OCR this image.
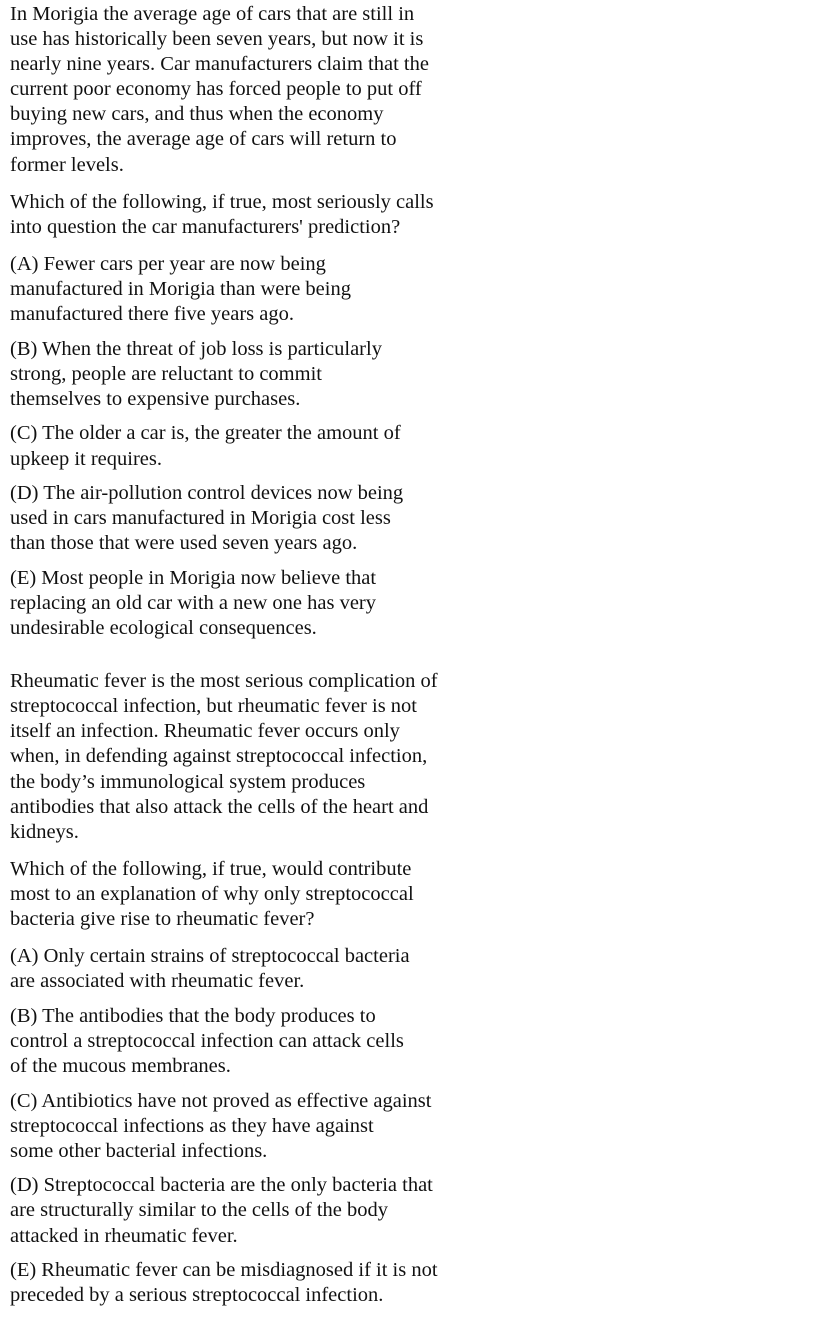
In Morigia the average age of cars that are still in
use has historically been seven years, but now it is
nearly nine years. Car manufacturers claim that the
current poor economy has forced people to put off
buying new cars, and thus when the economy
improves, the average age of cars will return to
former levels.

Which of the following, if true, most seriously calls
into question the car manufacturers' prediction?

(A) Fewer cars per year are now being
manufactured in Morigia than were being
manufactured there five years ago.

(B) When the threat of job loss is particularly
strong, people are reluctant to commit
themselves to expensive purchases.

(C) The older a car is, the greater the amount of
upkeep it requires.

(D) The air-pollution control devices now being
used in cars manufactured in Morigia cost less
than those that were used seven years ago.

(E) Most people in Morigia now believe that
replacing an old car with a new one has very
undesirable ecological consequences.

Rheumatic fever is the most serious complication of
streptococcal infection, but rheumatic fever is not
itself an infection. Rheumatic fever occurs only
when, in defending against streptococcal infection,
the body’s immunological system produces
antibodies that also attack the cells of the heart and
kidneys.

Which of the following, if true, would contribute
most to an explanation of why only streptococcal
bacteria give rise to rheumatic fever?

(A) Only certain strains of streptococcal bacteria
are associated with rheumatic fever.

(B) The antibodies that the body produces to
control a streptococcal infection can attack cells
of the mucous membranes.

(C) Antibiotics have not proved as effective against
streptococcal infections as they have against
some other bacterial infections.

(D) Streptococcal bacteria are the only bacteria that
are structurally similar to the cells of the body
attacked in rheumatic fever.

(E) Rheumatic fever can be misdiagnosed if it is not
preceded by a serious streptococcal infection.
